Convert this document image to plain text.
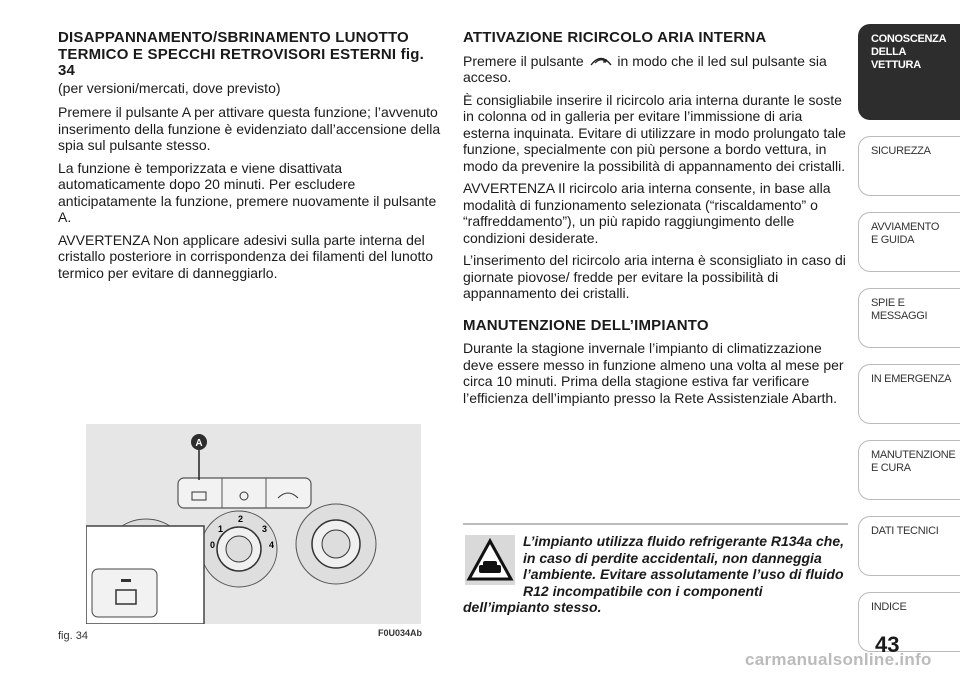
DISAPPANNAMENTO/SBRINAMENTO LUNOTTO TERMICO E SPECCHI RETROVISORI ESTERNI fig. 34

(per versioni/mercati, dove previsto)

Premere il pulsante A per attivare questa funzione; l’avvenuto inserimento della funzione è evidenziato dall’accensione della spia sul pulsante stesso.

La funzione è temporizzata e viene disattivata automaticamente dopo 20 minuti. Per escludere anticipatamente la funzione, premere nuovamente il pulsante A.

AVVERTENZA Non applicare adesivi sulla parte interna del cristallo posteriore in corrispondenza dei filamenti del lunotto termico per evitare di danneggiarlo.

ATTIVAZIONE RICIRCOLO ARIA INTERNA

Premere il pulsante in modo che il led sul pulsante sia acceso.

È consigliabile inserire il ricircolo aria interna durante le soste in colonna od in galleria per evitare l’immissione di aria esterna inquinata. Evitare di utilizzare in modo prolungato tale funzione, specialmente con più persone a bordo vettura, in modo da prevenire la possibilità di appannamento dei cristalli.

AVVERTENZA Il ricircolo aria interna consente, in base alla modalità di funzionamento selezionata (“riscaldamento” o “raffreddamento”), un più rapido raggiungimento delle condizioni desiderate.

L’inserimento del ricircolo aria interna è sconsigliato in caso di giornate piovose/ fredde per evitare la possibilità di appannamento dei cristalli.

MANUTENZIONE DELL’IMPIANTO

Durante la stagione invernale l’impianto di climatizzazione deve essere messo in funzione almeno una volta al mese per circa 10 minuti. Prima della stagione estiva far verificare l’efficienza dell’impianto presso la Rete Assistenziale Abarth.

L’impianto utilizza fluido refrigerante R134a che, in caso di perdite accidentali, non danneggia l’ambiente. Evitare assolutamente l’uso di fluido R12 incompatibile con i componenti dell’impianto stesso.
A
1
2
3
0	4
fig. 34	F0U034Ab
CONOSCENZA
DELLA
VETTURA
SICUREZZA
AVVIAMENTO
E GUIDA
SPIE E
MESSAGGI
IN EMERGENZA
MANUTENZIONE
E CURA
DATI TECNICI
INDICE
43
carmanualsonline.info
